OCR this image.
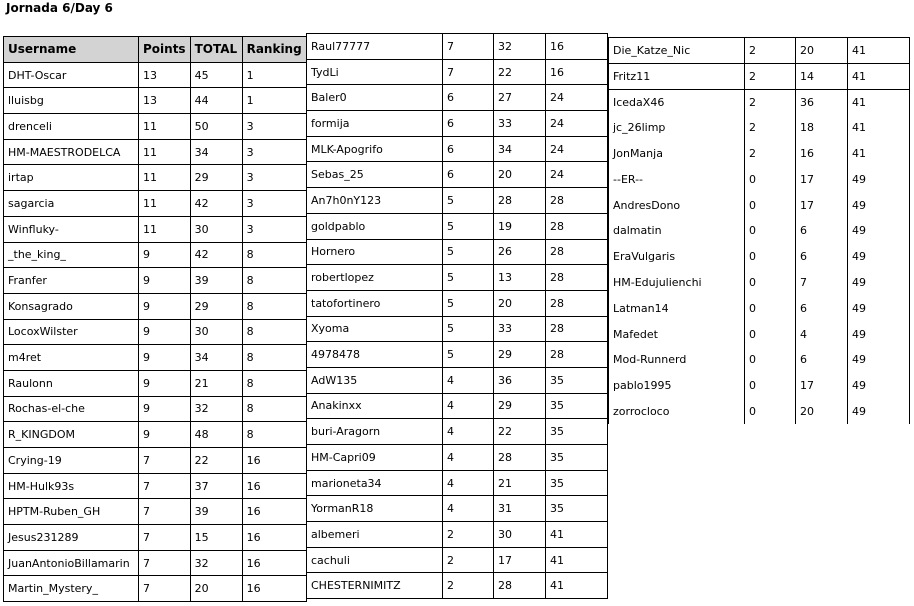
Jornada 6/Day 6
Username	Points	TOTAL	Ranking
DHT-Oscar	13	45	1
lluisbg	13	44	1
drenceli	11	50	3
HM-MAESTRODELCA	11	34	3
irtap	11	29	3
sagarcia	11	42	3
Winfluky-	11	30	3
_the_king_	9	42	8
Franfer	9	39	8
Konsagrado	9	29	8
LocoxWilster	9	30	8
m4ret	9	34	8
Raulonn	9	21	8
Rochas-el-che	9	32	8
R_KINGDOM	9	48	8
Crying-19	7	22	16
HM-Hulk93s	7	37	16
HPTM-Ruben_GH	7	39	16
Jesus231289	7	15	16
JuanAntonioBillamarin	7	32	16
Martin_Mystery_	7	20	16
Raul77777	7	32	16
TydLi	7	22	16
Baler0	6	27	24
formija	6	33	24
MLK-Apogrifo	6	34	24
Sebas_25	6	20	24
An7h0nY123	5	28	28
goldpablo	5	19	28
Hornero	5	26	28
robertlopez	5	13	28
tatofortinero	5	20	28
Xyoma	5	33	28
4978478	5	29	28
AdW135	4	36	35
Anakinxx	4	29	35
buri-Aragorn	4	22	35
HM-Capri09	4	28	35
marioneta34	4	21	35
YormanR18	4	31	35
albemeri	2	30	41
cachuli	2	17	41
CHESTERNIMITZ	2	28	41
Die_Katze_Nic	2	20	41
Fritz11	2	14	41
IcedaX46	2	36	41
jc_26limp	2	18	41
JonManja	2	16	41
--ER--	0	17	49
AndresDono	0	17	49
dalmatin	0	6	49
EraVulgaris	0	6	49
HM-Edujulienchi	0	7	49
Latman14	0	6	49
Mafedet	0	4	49
Mod-Runnerd	0	6	49
pablo1995	0	17	49
zorrocloco	0	20	49
